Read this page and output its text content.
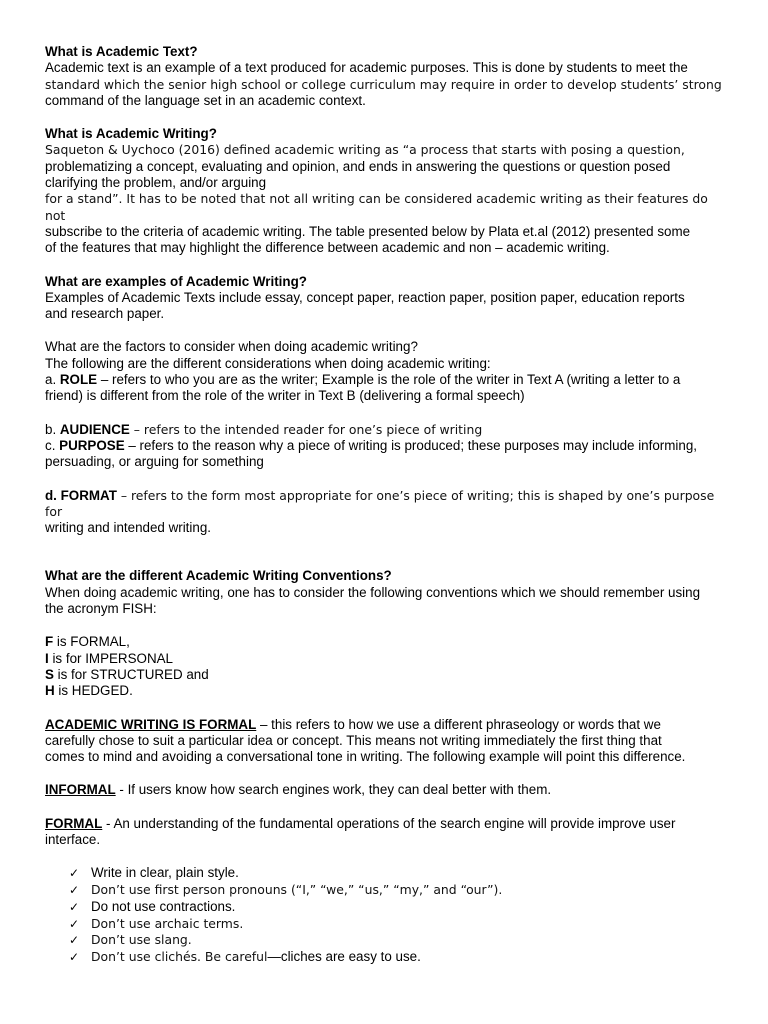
What is Academic Text?

Academic text is an example of a text produced for academic purposes. This is done by students to meet the

standard which the senior high school or college curriculum may require in order to develop students’ strong

command of the language set in an academic context.

What is Academic Writing?

Saqueton & Uychoco (2016) defined academic writing as “a process that starts with posing a question,

problematizing a concept, evaluating and opinion, and ends in answering the questions or question posed

clarifying the problem, and/or arguing

for a stand”. It has to be noted that not all writing can be considered academic writing as their features do not

subscribe to the criteria of academic writing. The table presented below by Plata et.al (2012) presented some

of the features that may highlight the difference between academic and non – academic writing.

What are examples of Academic Writing?

Examples of Academic Texts include essay, concept paper, reaction paper, position paper, education reports

and research paper.

What are the factors to consider when doing academic writing?

The following are the different considerations when doing academic writing:

a. ROLE – refers to who you are as the writer; Example is the role of the writer in Text A (writing a letter to a

friend) is different from the role of the writer in Text B (delivering a formal speech)

b. AUDIENCE – refers to the intended reader for one’s piece of writing

c. PURPOSE – refers to the reason why a piece of writing is produced; these purposes may include informing,

persuading, or arguing for something

d. FORMAT – refers to the form most appropriate for one’s piece of writing; this is shaped by one’s purpose for

writing and intended writing.

What are the different Academic Writing Conventions?

When doing academic writing, one has to consider the following conventions which we should remember using

the acronym FISH:

F is FORMAL,

I is for IMPERSONAL

S is for STRUCTURED and

H is HEDGED.

ACADEMIC WRITING IS FORMAL – this refers to how we use a different phraseology or words that we

carefully chose to suit a particular idea or concept. This means not writing immediately the first thing that

comes to mind and avoiding a conversational tone in writing. The following example will point this difference.

INFORMAL - If users know how search engines work, they can deal better with them.

FORMAL - An understanding of the fundamental operations of the search engine will provide improve user

interface.

✓ Write in clear, plain style.
✓ Don’t use first person pronouns (“I,” “we,” “us,” “my,” and “our”).
✓ Do not use contractions.
✓ Don’t use archaic terms.
✓ Don’t use slang.
✓ Don’t use clichés. Be careful—cliches are easy to use.
